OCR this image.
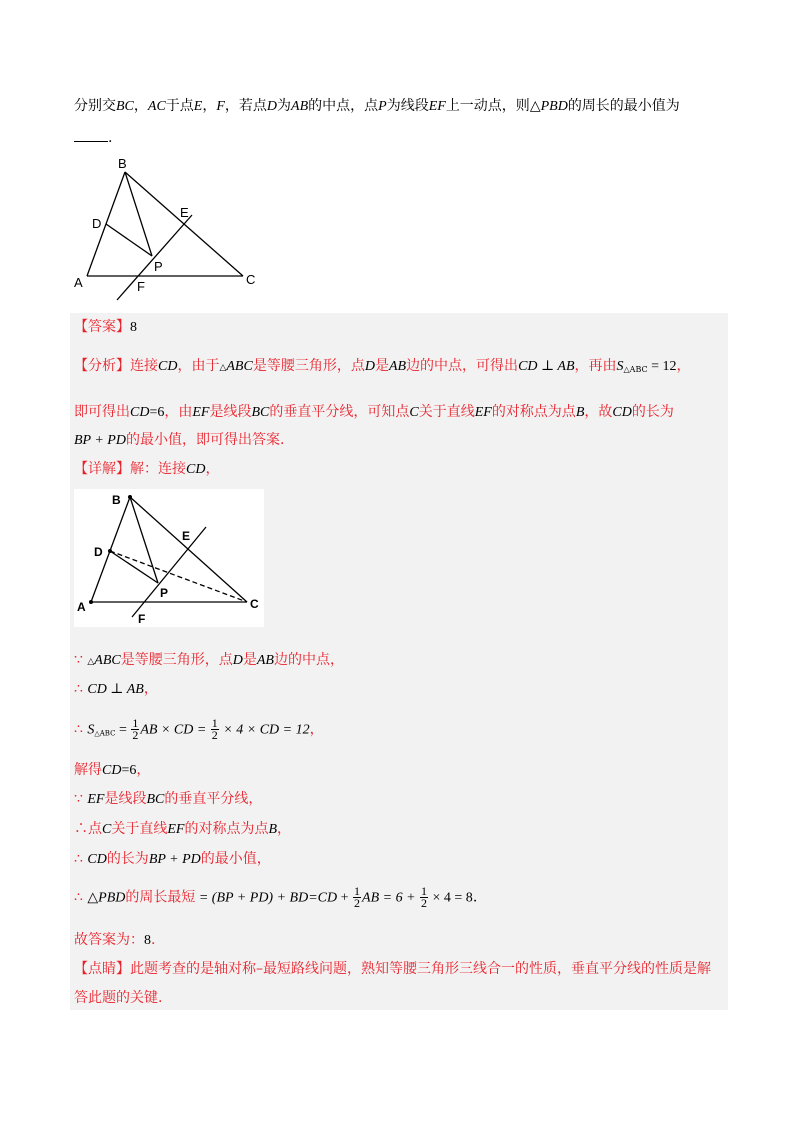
分别交BC，AC于点E，F，若点D为AB的中点，点P为线段EF上一动点，则△PBD的周长的最小值为
.
B
D
E
P
A	F	C
【答案】8
【分析】连接CD，由于△ABC是等腰三角形，点D是AB边的中点，可得出CD ⊥ AB，再由$S_{\triangle ABC} = 12$，
即可得出CD=6，由EF是线段BC的垂直平分线，可知点C关于直线EF的对称点为点B，故CD的长为
BP + PD的最小值，即可得出答案.
【详解】解：连接CD，
B
D
E
P
A
F
C
∵ △ABC是等腰三角形，点D是AB边的中点，
∴ CD ⊥ AB，
∴ $S_{\triangle ABC} = \frac{1}{2}$ AB × CD = $\frac{1}{2} \times 4$ × CD = 12，
解得CD=6，
∵ EF是线段BC的垂直平分线，
∴点C关于直线EF的对称点为点B，
∴ CD的长为BP + PD的最小值，
∴ △PBD的周长最短 = $(BP + PD) + BD=CD + \frac{1}{2}$ AB = $6 + \frac{1}{2} \times 4 = 8$.
故答案为：8.
【点睛】此题考查的是轴对称–最短路线问题，熟知等腰三角形三线合一的性质，垂直平分线的性质是解
答此题的关键.
